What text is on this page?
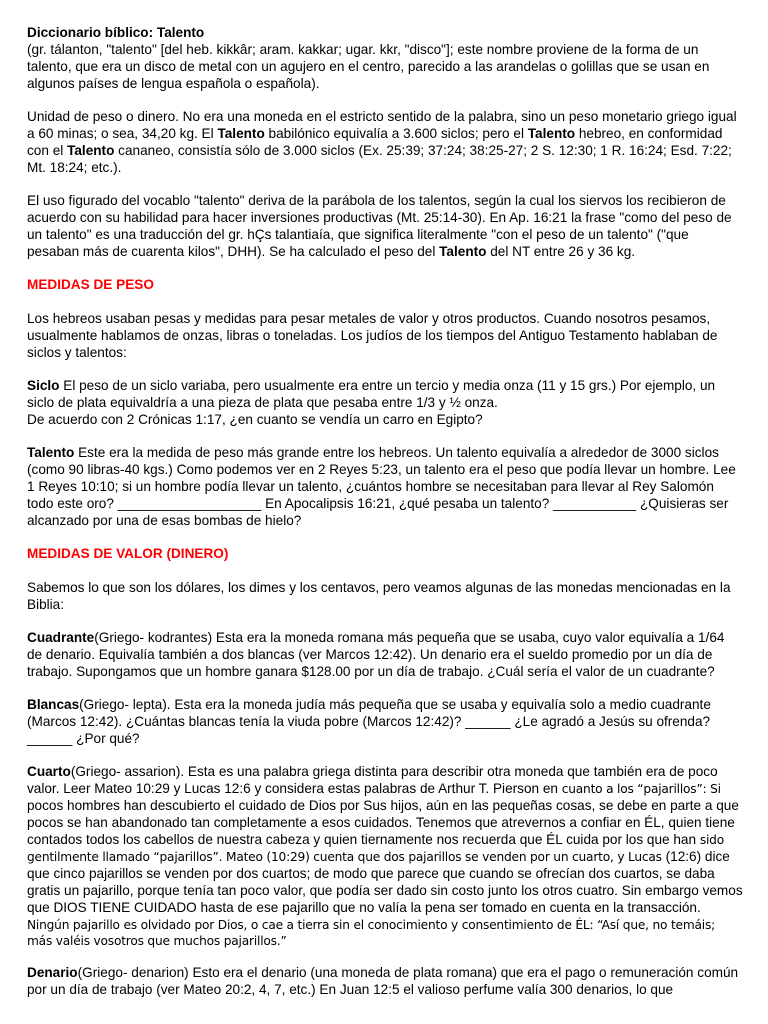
Diccionario bíblico: Talento

(gr. tálanton, "talento" [del heb. kikkâr; aram. kakkar; ugar. kkr, "disco"]; este nombre proviene de la forma de un talento, que era un disco de metal con un agujero en el centro, parecido a las arandelas o golillas que se usan en algunos países de lengua española o española).

Unidad de peso o dinero. No era una moneda en el estricto sentido de la palabra, sino un peso monetario griego igual a 60 minas; o sea, 34,20 kg. El Talento babilónico equivalía a 3.600 siclos; pero el Talento hebreo, en conformidad con el Talento cananeo, consistía sólo de 3.000 siclos (Ex. 25:39; 37:24; 38:25-27; 2 S. 12:30; 1 R. 16:24; Esd. 7:22; Mt. 18:24; etc.).

El uso figurado del vocablo "talento" deriva de la parábola de los talentos, según la cual los siervos los recibieron de acuerdo con su habilidad para hacer inversiones productivas (Mt. 25:14-30). En Ap. 16:21 la frase "como del peso de un talento" es una traducción del gr. hÇs talantiaía, que significa literalmente "con el peso de un talento" ("que pesaban más de cuarenta kilos", DHH). Se ha calculado el peso del Talento del NT entre 26 y 36 kg.

MEDIDAS DE PESO

Los hebreos usaban pesas y medidas para pesar metales de valor y otros productos. Cuando nosotros pesamos, usualmente hablamos de onzas, libras o toneladas. Los judíos de los tiempos del Antiguo Testamento hablaban de siclos y talentos:

Siclo El peso de un siclo variaba, pero usualmente era entre un tercio y media onza (11 y 15 grs.) Por ejemplo, un siclo de plata equivaldría a una pieza de plata que pesaba entre 1/3 y ½ onza.
De acuerdo con 2 Crónicas 1:17, ¿en cuanto se vendía un carro en Egipto?

Talento Este era la medida de peso más grande entre los hebreos. Un talento equivalía a alrededor de 3000 siclos (como 90 libras-40 kgs.) Como podemos ver en 2 Reyes 5:23, un talento era el peso que podía llevar un hombre. Lee 1 Reyes 10:10; si un hombre podía llevar un talento, ¿cuántos hombre se necesitaban para llevar al Rey Salomón todo este oro? ___________________ En Apocalipsis 16:21, ¿qué pesaba un talento? ___________ ¿Quisieras ser alcanzado por una de esas bombas de hielo?

MEDIDAS DE VALOR (DINERO)

Sabemos lo que son los dólares, los dimes y los centavos, pero veamos algunas de las monedas mencionadas en la Biblia:

Cuadrante(Griego- kodrantes) Esta era la moneda romana más pequeña que se usaba, cuyo valor equivalía a 1/64 de denario. Equivalía también a dos blancas (ver Marcos 12:42). Un denario era el sueldo promedio por un día de trabajo. Supongamos que un hombre ganara $128.00 por un día de trabajo. ¿Cuál sería el valor de un cuadrante?

Blancas(Griego- lepta). Esta era la moneda judía más pequeña que se usaba y equivalía solo a medio cuadrante (Marcos 12:42). ¿Cuántas blancas tenía la viuda pobre (Marcos 12:42)? ______ ¿Le agradó a Jesús su ofrenda? ______ ¿Por qué?

Cuarto(Griego- assarion). Esta es una palabra griega distinta para describir otra moneda que también era de poco valor. Leer Mateo 10:29 y Lucas 12:6 y considera estas palabras de Arthur T. Pierson en cuanto a los “pajarillos”: Si pocos hombres han descubierto el cuidado de Dios por Sus hijos, aún en las pequeñas cosas, se debe en parte a que pocos se han abandonado tan completamente a esos cuidados. Tenemos que atrevernos a confiar en ÉL, quien tiene contados todos los cabellos de nuestra cabeza y quien tiernamente nos recuerda que ÉL cuida por los que han sido gentilmente llamado “pajarillos”. Mateo (10:29) cuenta que dos pajarillos se venden por un cuarto, y Lucas (12:6) dice que cinco pajarillos se venden por dos cuartos; de modo que parece que cuando se ofrecían dos cuartos, se daba gratis un pajarillo, porque tenía tan poco valor, que podía ser dado sin costo junto los otros cuatro. Sin embargo vemos que DIOS TIENE CUIDADO hasta de ese pajarillo que no valía la pena ser tomado en cuenta en la transacción.

Ningún pajarillo es olvidado por Dios, o cae a tierra sin el conocimiento y consentimiento de ÉL: “Así que, no temáis; más valéis vosotros que muchos pajarillos.”

Denario(Griego- denarion) Esto era el denario (una moneda de plata romana) que era el pago o remuneración común por un día de trabajo (ver Mateo 20:2, 4, 7, etc.) En Juan 12:5 el valioso perfume valía 300 denarios, lo que
